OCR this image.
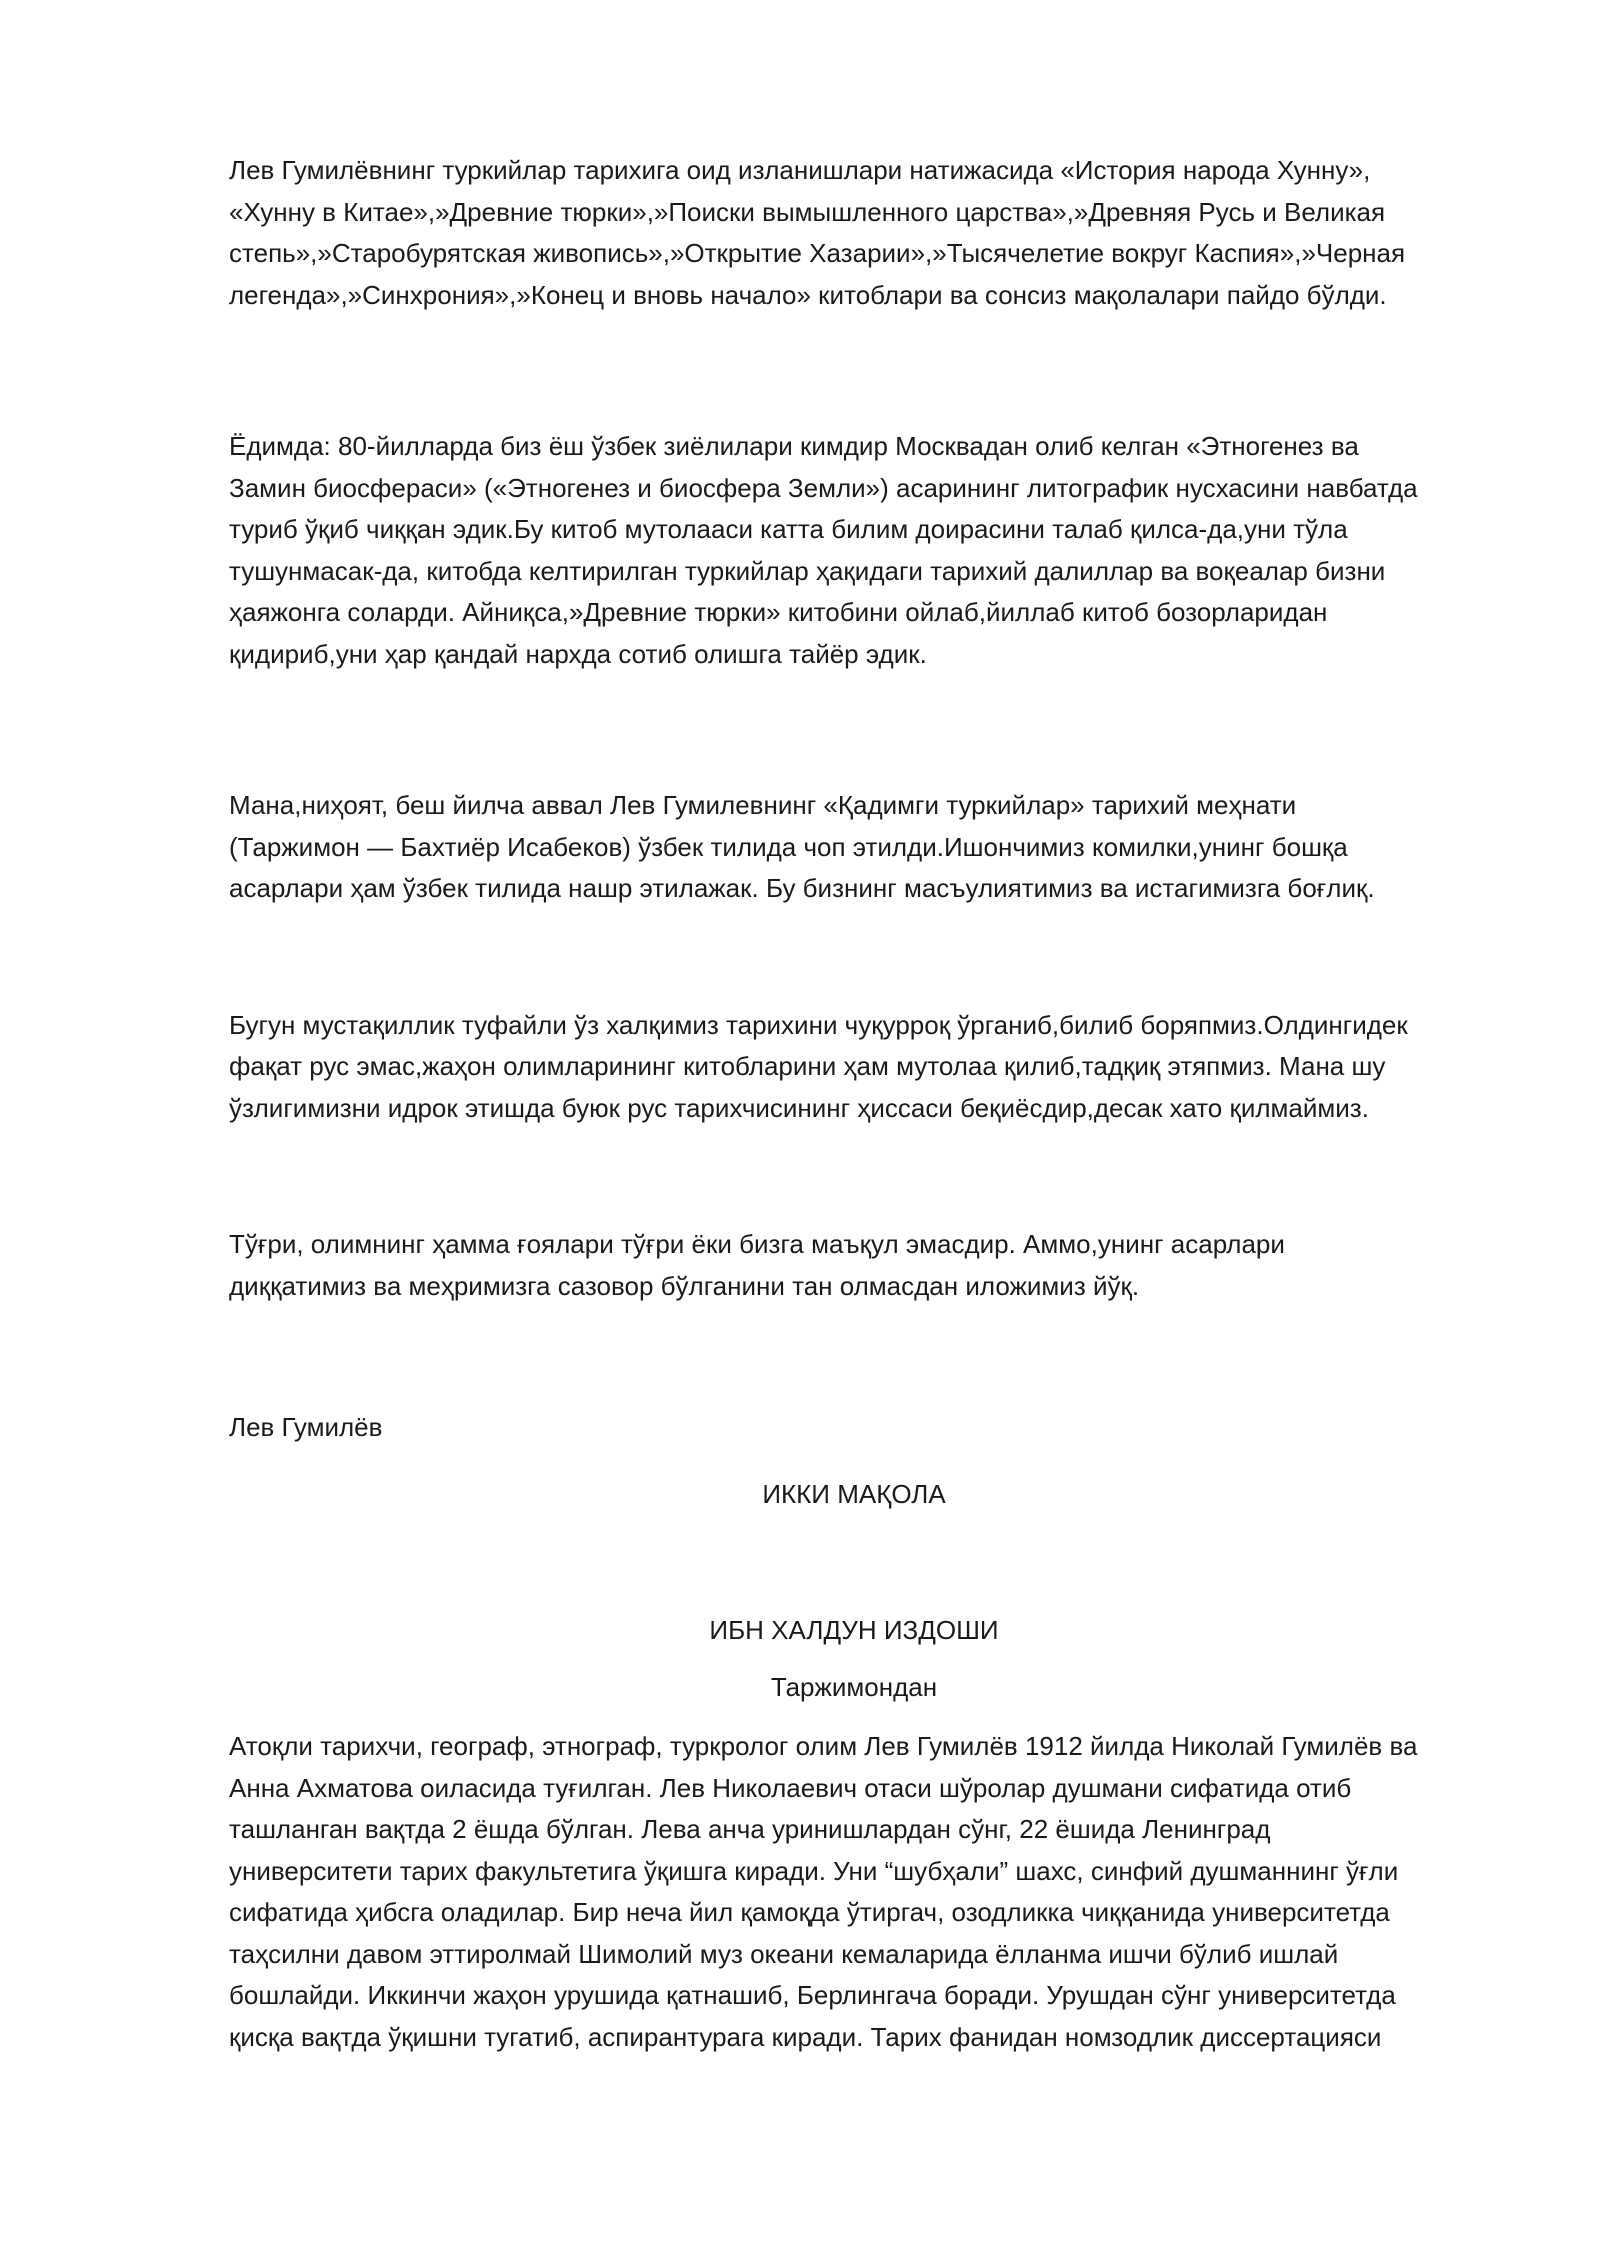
Лев Гумилёвнинг туркийлар тарихига оид изланишлари натижасида «История народа Хунну»,
«Хунну в Китае»,»Древние тюрки»,»Поиски вымышленного царства»,»Древняя Русь и Великая
степь»,»Старобурятская живопись»,»Открытие Хазарии»,»Тысячелетие вокруг Каспия»,»Черная
легенда»,»Синхрония»,»Конец и вновь начало» китоблари ва сонсиз мақолалари пайдо бўлди.

Ёдимда: 80-йилларда биз ёш ўзбек зиёлилари кимдир Москвадан олиб келган «Этногенез ва
Замин биосфераси» («Этногенез и биосфера Земли») асарининг литографик нусхасини навбатда
туриб ўқиб чиққан эдик.Бу китоб мутолааси катта билим доирасини талаб қилса-да,уни тўла
тушунмасак-да, китобда келтирилган туркийлар ҳақидаги тарихий далиллар ва воқеалар бизни
ҳаяжонга соларди. Айниқса,»Древние тюрки» китобини ойлаб,йиллаб китоб бозорларидан
қидириб,уни ҳар қандай нархда сотиб олишга тайёр эдик.

Мана,ниҳоят, беш йилча аввал Лев Гумилевнинг «Қадимги туркийлар» тарихий меҳнати
(Таржимон — Бахтиёр Исабеков) ўзбек тилида чоп этилди.Ишончимиз комилки,унинг бошқа
асарлари ҳам ўзбек тилида нашр этилажак. Бу бизнинг масъулиятимиз ва истагимизга боғлиқ.

Бугун мустақиллик туфайли ўз халқимиз тарихини чуқурроқ ўрганиб,билиб боряпмиз.Олдингидек
фақат рус эмас,жаҳон олимларининг китобларини ҳам мутолаа қилиб,тадқиқ этяпмиз. Мана шу
ўзлигимизни идрок этишда буюк рус тарихчисининг ҳиссаси беқиёсдир,десак хато қилмаймиз.

Тўғри, олимнинг ҳамма ғоялари тўғри ёки бизга маъқул эмасдир. Аммо,унинг асарлари
диққатимиз ва меҳримизга сазовор бўлганини тан олмасдан иложимиз йўқ.

Лев Гумилёв

ИККИ МАҚОЛА

ИБН ХАЛДУН ИЗДОШИ

Таржимондан

Атоқли тарихчи, географ, этнограф, туркролог олим Лев Гумилёв 1912 йилда Николай Гумилёв ва
Анна Ахматова оиласида туғилган. Лев Николаевич отаси шўролар душмани сифатида отиб
ташланган вақтда 2 ёшда бўлган. Лева анча уринишлардан сўнг, 22 ёшида Ленинград
университети тарих факультетига ўқишга киради. Уни “шубҳали” шахс, синфий душманнинг ўғли
сифатида ҳибсга оладилар. Бир неча йил қамоқда ўтиргач, озодликка чиққанида университетда
таҳсилни давом эттиролмай Шимолий муз океани кемаларида ёлланма ишчи бўлиб ишлай
бошлайди. Иккинчи жаҳон урушида қатнашиб, Берлингача боради. Урушдан сўнг университетда
қисқа вақтда ўқишни тугатиб, аспирантурага киради. Тарих фанидан номзодлик диссертацияси
